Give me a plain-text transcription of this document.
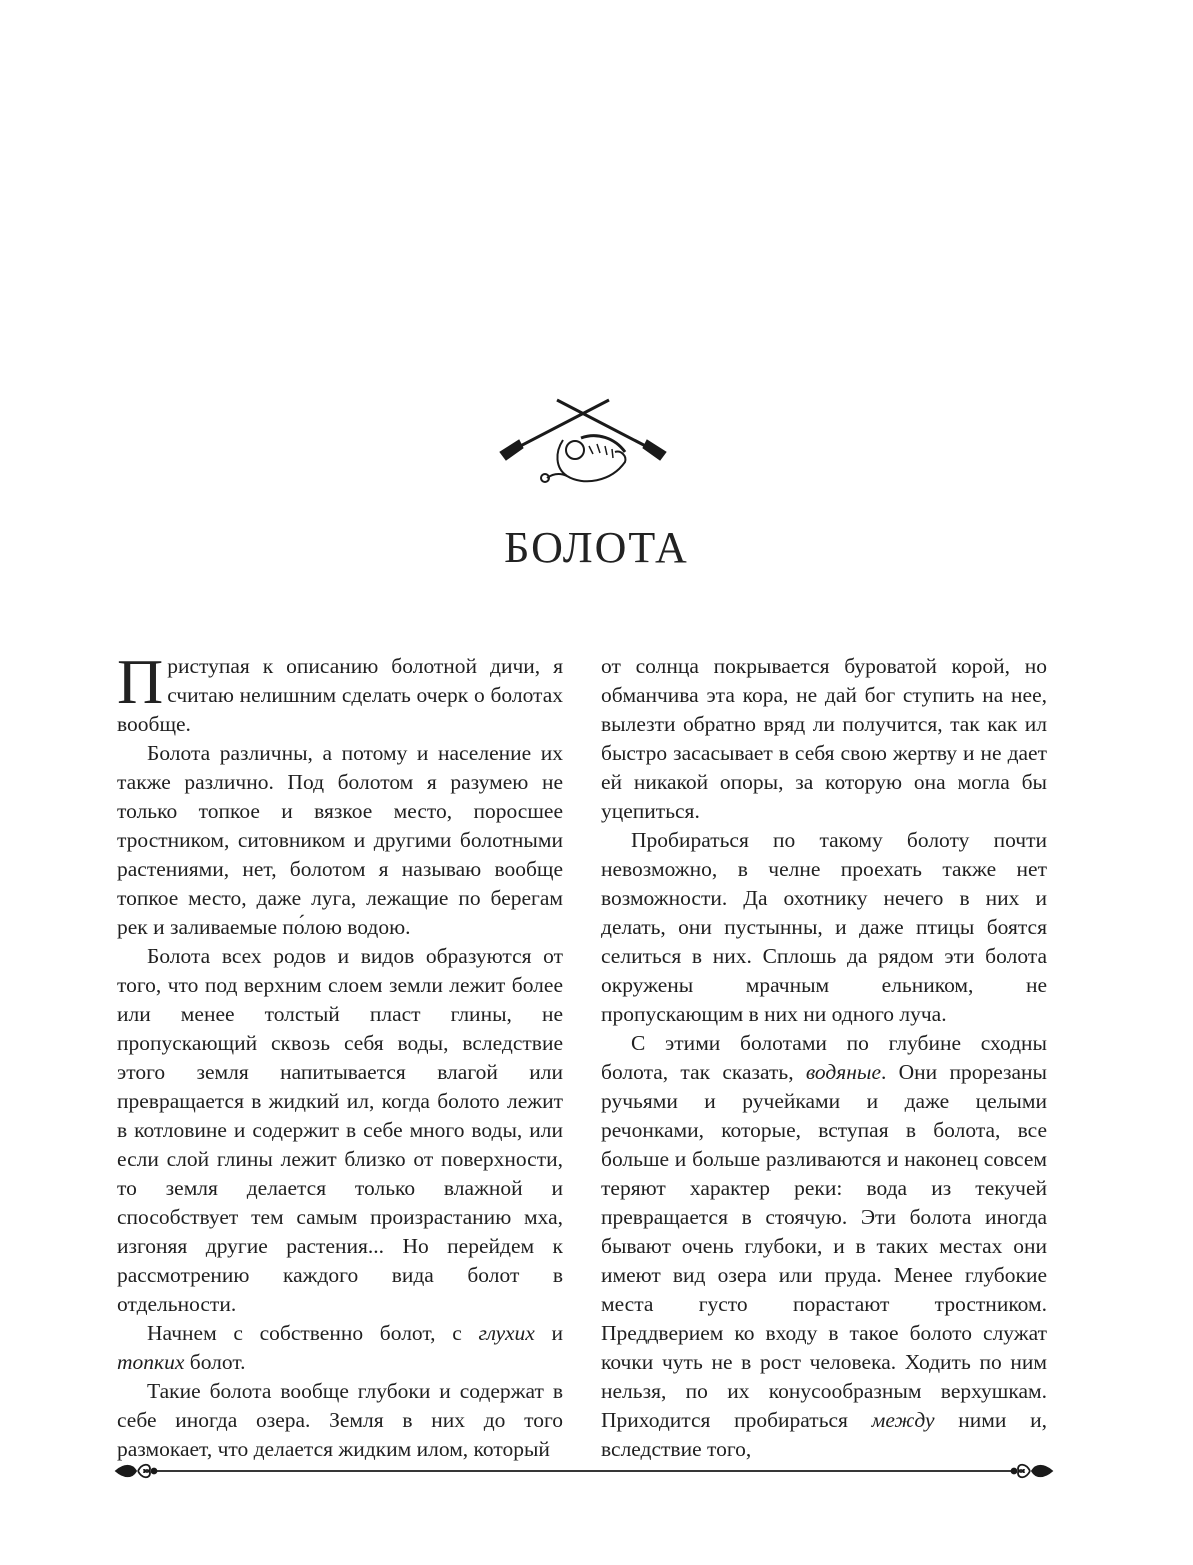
БОЛОТА

Приступая к описанию болотной дичи, я считаю нелишним сделать очерк о болотах вообще.

Болота различны, а потому и население их также различно. Под болотом я разумею не только топкое и вязкое место, поросшее тростником, ситовником и другими болотными растениями, нет, болотом я называю вообще топкое место, даже луга, лежащие по берегам рек и заливаемые по́лою водою.

Болота всех родов и видов образуются от того, что под верхним слоем земли лежит более или менее толстый пласт глины, не пропускающий сквозь себя воды, вследствие этого земля напитывается влагой или превращается в жидкий ил, когда болото лежит в котловине и содержит в себе много воды, или если слой глины лежит близко от поверхности, то земля делается только влажной и способствует тем самым произрастанию мха, изгоняя другие растения... Но перейдем к рассмотрению каждого вида болот в отдельности.

Начнем с собственно болот, с глухих и топких болот.

Такие болота вообще глубоки и содержат в себе иногда озера. Земля в них до того размокает, что делается жидким илом, который

от солнца покрывается буроватой корой, но обманчива эта кора, не дай бог ступить на нее, вылезти обратно вряд ли получится, так как ил быстро засасывает в себя свою жертву и не дает ей никакой опоры, за которую она могла бы уцепиться.

Пробираться по такому болоту почти невозможно, в челне проехать также нет возможности. Да охотнику нечего в них и делать, они пустынны, и даже птицы боятся селиться в них. Сплошь да рядом эти болота окружены мрачным ельником, не пропускающим в них ни одного луча.

С этими болотами по глубине сходны болота, так сказать, водяные. Они прорезаны ручьями и ручейками и даже целыми речонками, которые, вступая в болота, все больше и больше разливаются и наконец совсем теряют характер реки: вода из текучей превращается в стоячую. Эти болота иногда бывают очень глубоки, и в таких местах они имеют вид озера или пруда. Менее глубокие места густо порастают тростником. Преддверием ко входу в такое болото служат кочки чуть не в рост человека. Ходить по ним нельзя, по их конусообразным верхушкам. Приходится пробираться между ними и, вследствие того,
